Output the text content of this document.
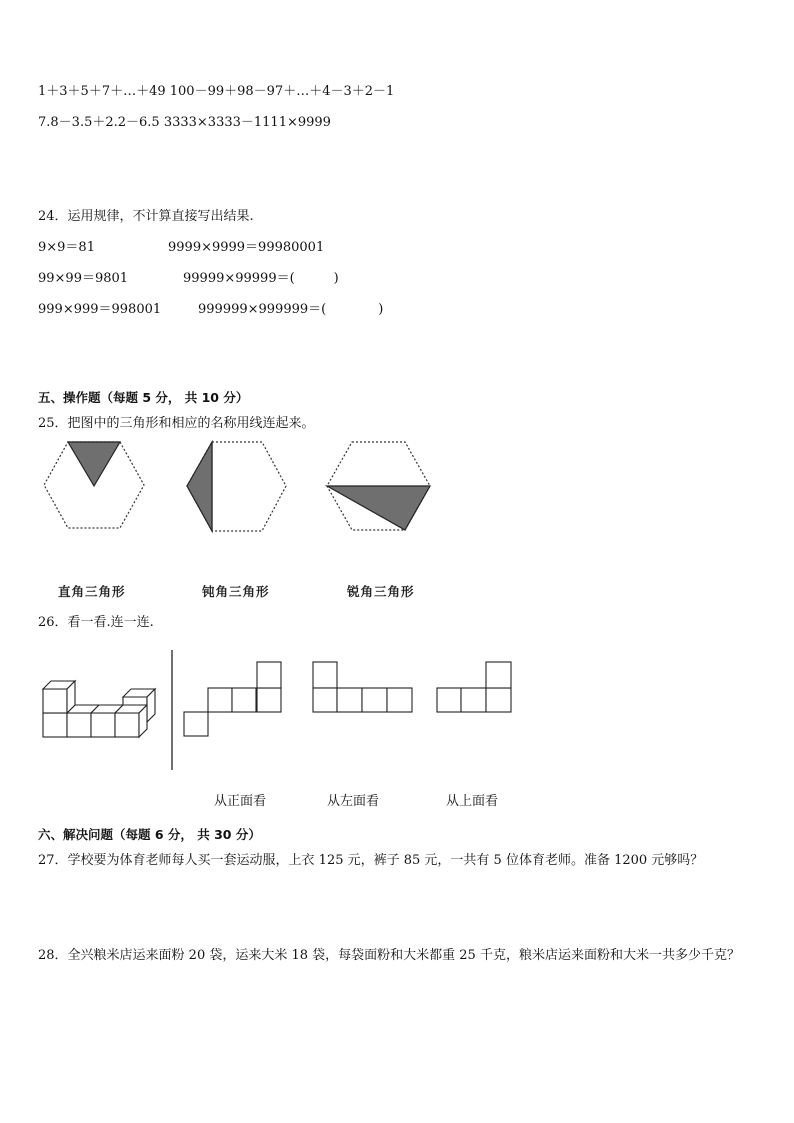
1＋3＋5＋7＋…＋49 100－99＋98－97＋…＋4－3＋2－1
7.8－3.5＋2.2－6.5 3333×3333－1111×9999
24．运用规律，不计算直接写出结果.
9×9＝81	9999×9999＝99980001
99×99＝9801	99999×99999＝(　　　)
999×999＝998001	999999×999999＝(　　　　)
五、操作题（每题 5 分， 共 10 分）
25．把图中的三角形和相应的名称用线连起来。
直角三角形	钝角三角形	锐角三角形
26．看一看.连一连.
从正面看	从左面看	从上面看
六、解决问题（每题 6 分， 共 30 分）
27．学校要为体育老师每人买一套运动服，上衣 125 元，裤子 85 元，一共有 5 位体育老师。准备 1200 元够吗？
28．全兴粮米店运来面粉 20 袋，运来大米 18 袋，每袋面粉和大米都重 25 千克，粮米店运来面粉和大米一共多少千克？
